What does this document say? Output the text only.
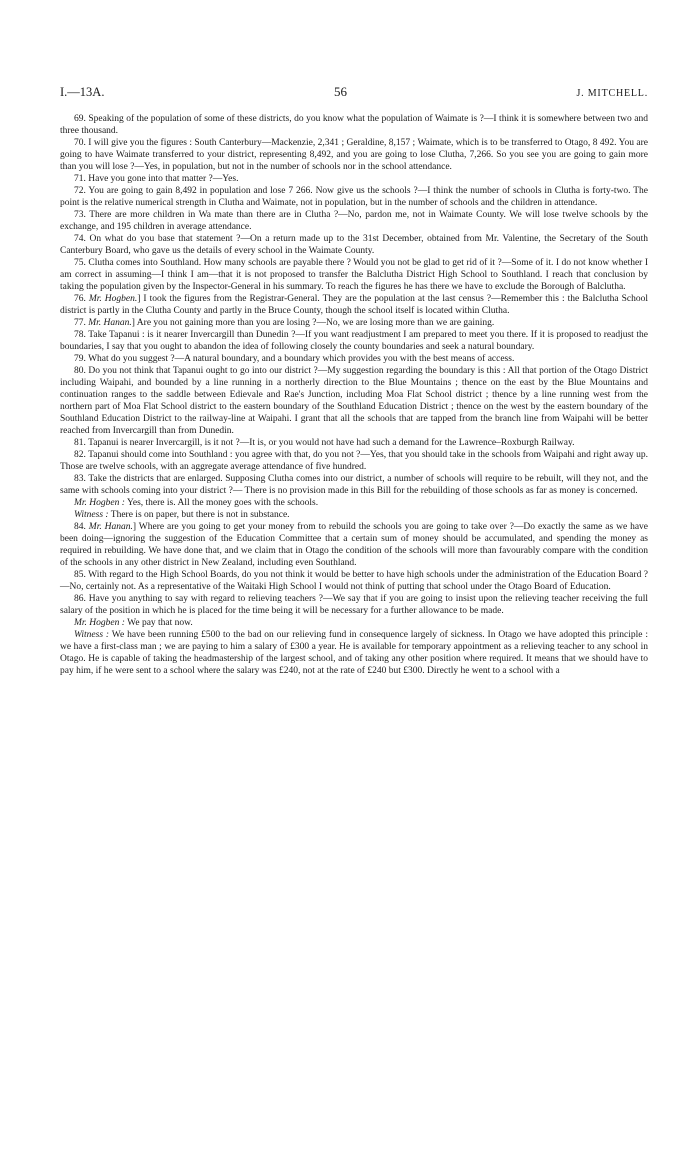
I.—13A.	56	J. MITCHELL.

69. Speaking of the population of some of these districts, do you know what the population of Waimate is ?—I think it is somewhere between two and three thousand.

70. I will give you the figures : South Canterbury—Mackenzie, 2,341 ; Geraldine, 8,157 ; Waimate, which is to be transferred to Otago, 8 492. You are going to have Waimate transferred to your district, representing 8,492, and you are going to lose Clutha, 7,266. So you see you are going to gain more than you will lose ?—Yes, in population, but not in the number of schools nor in the school attendance.

71. Have you gone into that matter ?—Yes.

72. You are going to gain 8,492 in population and lose 7 266. Now give us the schools ?—I think the number of schools in Clutha is forty-two. The point is the relative numerical strength in Clutha and Waimate, not in population, but in the number of schools and the children in attendance.

73. There are more children in Wa mate than there are in Clutha ?—No, pardon me, not in Waimate County. We will lose twelve schools by the exchange, and 195 children in average attendance.

74. On what do you base that statement ?—On a return made up to the 31st December, obtained from Mr. Valentine, the Secretary of the South Canterbury Board, who gave us the details of every school in the Waimate County.

75. Clutha comes into Southland. How many schools are payable there ? Would you not be glad to get rid of it ?—Some of it. I do not know whether I am correct in assuming—I think I am—that it is not proposed to transfer the Balclutha District High School to Southland. I reach that conclusion by taking the population given by the Inspector-General in his summary. To reach the figures he has there we have to exclude the Borough of Balclutha.

76. Mr. Hogben.] I took the figures from the Registrar-General. They are the population at the last census ?—Remember this : the Balclutha School district is partly in the Clutha County and partly in the Bruce County, though the school itself is located within Clutha.

77. Mr. Hanan.] Are you not gaining more than you are losing ?—No, we are losing more than we are gaining.

78. Take Tapanui : is it nearer Invercargill than Dunedin ?—If you want readjustment I am prepared to meet you there. If it is proposed to readjust the boundaries, I say that you ought to abandon the idea of following closely the county boundaries and seek a natural boundary.

79. What do you suggest ?—A natural boundary, and a boundary which provides you with the best means of access.

80. Do you not think that Tapanui ought to go into our district ?—My suggestion regarding the boundary is this : All that portion of the Otago District including Waipahi, and bounded by a line running in a northerly direction to the Blue Mountains ; thence on the east by the Blue Mountains and continuation ranges to the saddle between Edievale and Rae's Junction, including Moa Flat School district ; thence by a line running west from the northern part of Moa Flat School district to the eastern boundary of the Southland Education District ; thence on the west by the eastern boundary of the Southland Education District to the railway-line at Waipahi. I grant that all the schools that are tapped from the branch line from Waipahi will be better reached from Invercargill than from Dunedin.

81. Tapanui is nearer Invercargill, is it not ?—It is, or you would not have had such a demand for the Lawrence–Roxburgh Railway.

82. Tapanui should come into Southland : you agree with that, do you not ?—Yes, that you should take in the schools from Waipahi and right away up. Those are twelve schools, with an aggregate average attendance of five hundred.

83. Take the districts that are enlarged. Supposing Clutha comes into our district, a number of schools will require to be rebuilt, will they not, and the same with schools coming into your district ?— There is no provision made in this Bill for the rebuilding of those schools as far as money is concerned.

Mr. Hogben : Yes, there is. All the money goes with the schools.

Witness : There is on paper, but there is not in substance.

84. Mr. Hanan.] Where are you going to get your money from to rebuild the schools you are going to take over ?—Do exactly the same as we have been doing—ignoring the suggestion of the Education Committee that a certain sum of money should be accumulated, and spending the money as required in rebuilding. We have done that, and we claim that in Otago the condition of the schools will more than favourably compare with the condition of the schools in any other district in New Zealand, including even Southland.

85. With regard to the High School Boards, do you not think it would be better to have high schools under the administration of the Education Board ?—No, certainly not. As a representative of the Waitaki High School I would not think of putting that school under the Otago Board of Education.

86. Have you anything to say with regard to relieving teachers ?—We say that if you are going to insist upon the relieving teacher receiving the full salary of the position in which he is placed for the time being it will be necessary for a further allowance to be made.

Mr. Hogben : We pay that now.

Witness : We have been running £500 to the bad on our relieving fund in consequence largely of sickness. In Otago we have adopted this principle : we have a first-class man ; we are paying to him a salary of £300 a year. He is available for temporary appointment as a relieving teacher to any school in Otago. He is capable of taking the headmastership of the largest school, and of taking any other position where required. It means that we should have to pay him, if he were sent to a school where the salary was £240, not at the rate of £240 but £300. Directly he went to a school with a
